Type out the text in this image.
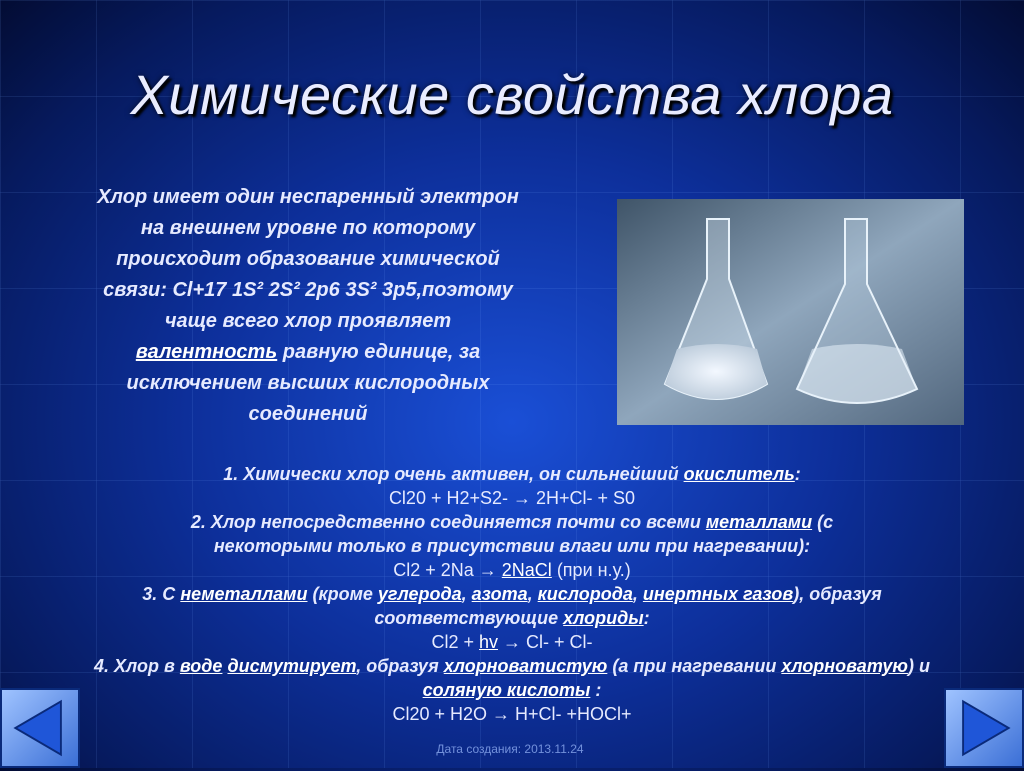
Химические свойства хлора
Хлор имеет один неспаренный электрон
на внешнем уровне по которому
происходит образование химической
связи: Cl+17 1S² 2S² 2p6 3S² 3p5,поэтому
чаще всего хлор проявляет
валентность равную единице, за
исключением высших кислородных
соединений
1. Химически хлор очень активен, он сильнейший окислитель:
Cl20 + H2+S2- → 2H+Cl- + S0
2. Хлор непосредственно соединяется почти со всеми металлами (с
некоторыми только в присутствии влаги или при нагревании):
Cl2 + 2Na → 2NaCl (при н.у.)
3. С неметаллами (кроме углерода, азота, кислорода, инертных газов), образуя
соответствующие хлориды:
Cl2 + hv → Cl- + Cl-
4. Хлор в воде дисмутирует, образуя хлорноватистую (а при нагревании хлорноватую) и
соляную кислоты :
Cl20 + H2O → H+Cl- +HOCl+
Дата создания: 2013.11.24
